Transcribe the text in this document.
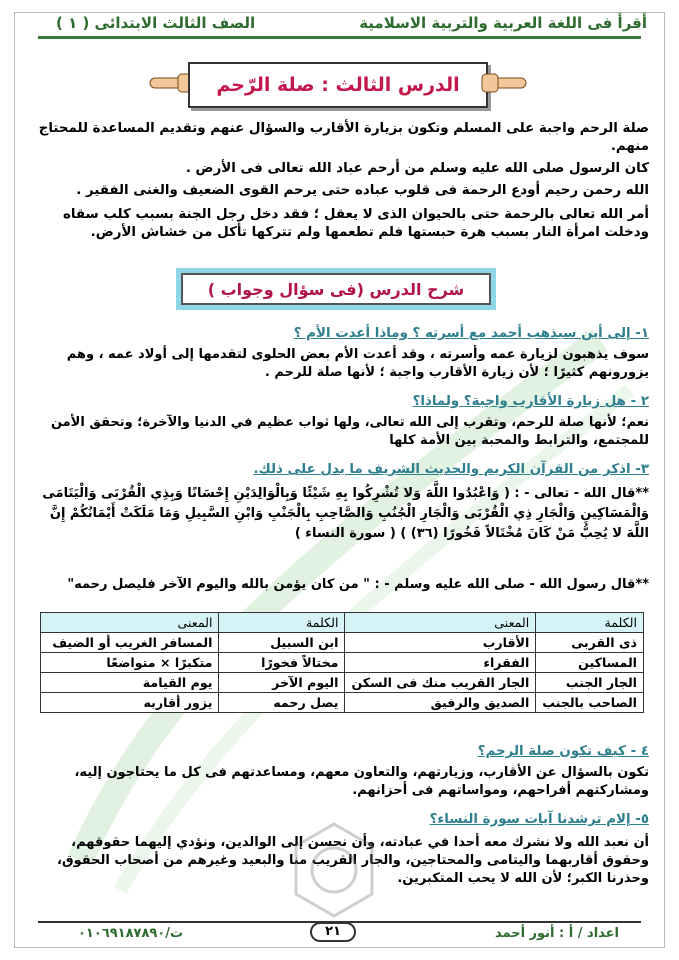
الصف الثالث الابتدائى ( ١ )	أقرأ فى اللغة العربية والتربية الاسلامية
الدرس الثالث : صلة الرّحم
صلة الرحم واجبة على المسلم وتكون بزيارة الأقارب والسؤال عنهم وتقديم المساعدة للمحتاج منهم.
كان الرسول صلى الله عليه وسلم من أرحم عباد الله تعالى فى الأرض .
الله رحمن رحيم أودع الرحمة فى قلوب عباده حتى يرحم القوى الضعيف والغنى الفقير .
أمر الله تعالى بالرحمة حتى بالحيوان الذى لا يعقل ؛ فقد دخل رجل الجنة بسبب كلب سقاه ودخلت امرأة النار بسبب هرة حبستها فلم تطعمها ولم تتركها تأكل من خشاش الأرض.
شرح الدرس (فى سؤال وجواب )
١- إلى أين سيذهب أحمد مع أسرته ؟ وماذا أعدت الأم ؟
سوف يذهبون لزيارة عمه وأسرته ، وقد أعدت الأم بعض الحلوى لتقدمها إلى أولاد عمه ، وهم يزورونهم كثيرًا ؛ لأن زيارة الأقارب واجبة ؛ لأنها صلة للرحم .
٢ - هل زيارة الأقارب واجبة؟ ولماذا؟
نعم؛ لأنها صلة للرحم، وتقرب إلى الله تعالى، ولها ثواب عظيم في الدنيا والآخرة؛ وتحقق الأمن للمجتمع، والترابط والمحبة بين الأمة كلها
٣- اذكر من القرآن الكريم والحديث الشريف ما يدل على ذلك.
**قال الله - تعالى - : ( وَاعْبُدُوا اللَّهَ وَلا تُشْرِكُوا بِهِ شَيْئًا وَبِالْوَالِدَيْنِ إِحْسَانًا وَبِذِي الْقُرْبَى وَالْيَتَامَى وَالْمَسَاكِينِ وَالْجَارِ ذِي الْقُرْبَى وَالْجَارِ الْجُنُبِ وَالصَّاحِبِ بِالْجَنْبِ وَابْنِ السَّبِيلِ وَمَا مَلَكَتْ أَيْمَانُكُمْ إِنَّ اللَّهَ لا يُحِبُّ مَنْ كَانَ مُخْتَالاً فَخُورًا (٣٦) ) ( سورة النساء )
**قال رسول الله - صلى الله عليه وسلم - : " من كان يؤمن بالله واليوم الآخر فليصل رحمه"
الكلمة	المعنى	الكلمة	المعنى
ذى القربى	الأقارب	ابن السبيل	المسافر الغريب أو الضيف
المساكين	الفقراء	مختالاً فخورًا	متكبرًا × متواضعًا
الجار الجنب	الجار القريب منك فى السكن	اليوم الآخر	يوم القيامة
الصاحب بالجنب	الصديق والرفيق	يصل رحمه	يزور أقاربه
٤ - كيف تكون صلة الرحم؟
تكون بالسؤال عن الأقارب، وزيارتهم، والتعاون معهم، ومساعدتهم فى كل ما يحتاجون إليه، ومشاركتهم أفراحهم، ومواساتهم فى أحزانهم.
٥- إلام ترشدنا آيات سورة النساء؟
أن نعبد الله ولا نشرك معه أحدا في عبادته، وأن نحسن إلى الوالدين، ونؤدي إليهما حقوقهم، وحقوق أقاربهما واليتامى والمحتاجين، والجار القريب منا والبعيد وغيرهم من أصحاب الحقوق، وحذرنا الكبر؛ لأن الله لا يحب المتكبرين.
اعداد / أ : أنور أحمد
٢١
ت/٠١٠٦٩١٨٧٨٩٠
